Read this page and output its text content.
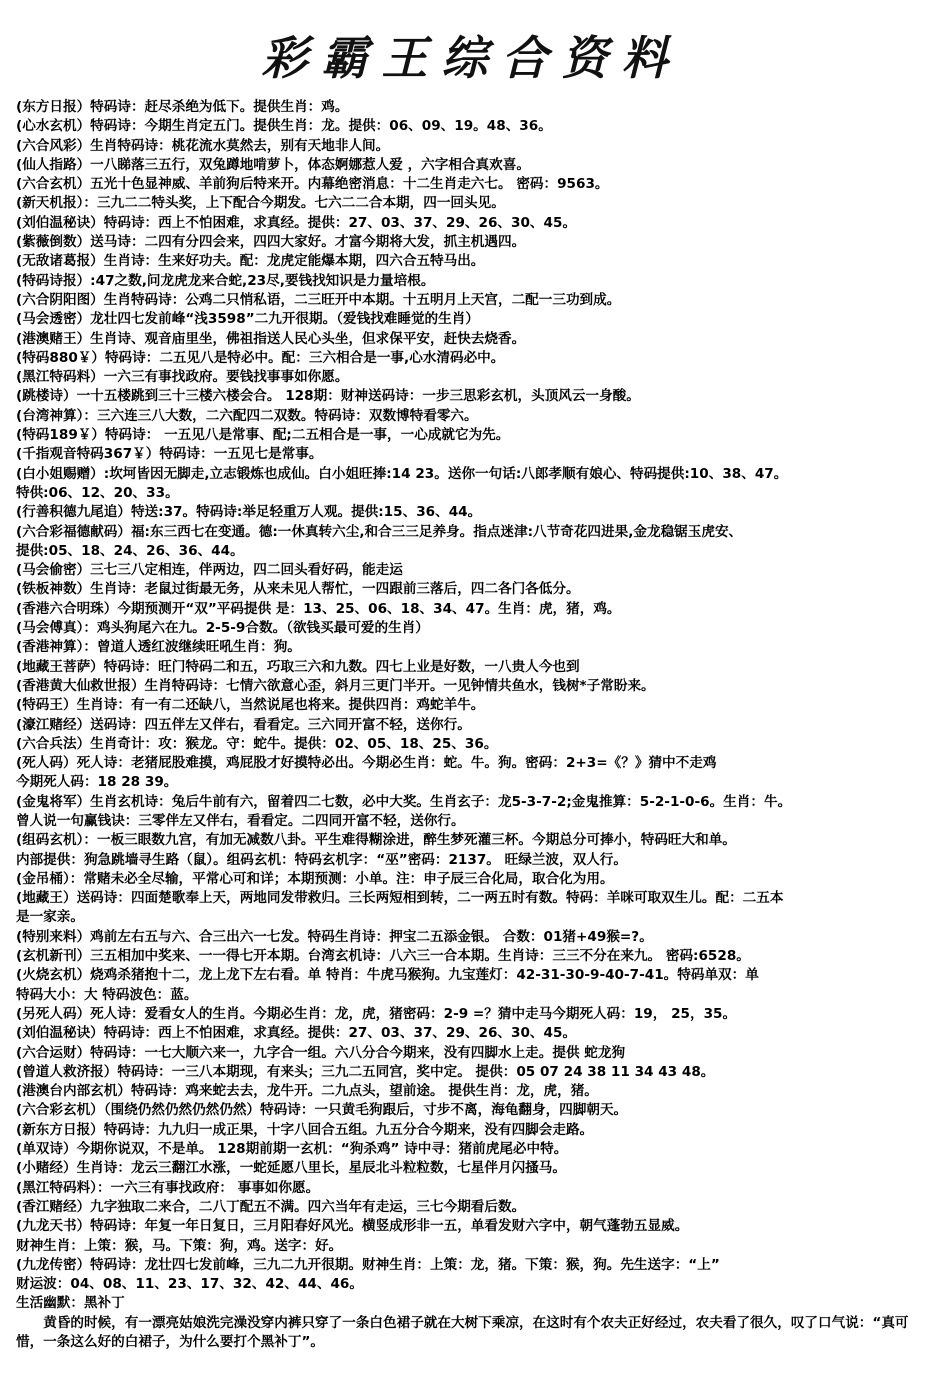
彩霸王综合资料
(东方日报）特码诗：赶尽杀绝为低下。提供生肖：鸡。
(心水玄机）特码诗：今期生肖定五门。提供生肖：龙。提供：06、09、19。48、36。
(六合风彩）生肖特码诗：桃花流水莫然去，别有天地非人间。
(仙人指路）一八睇落三五行，双兔蹲地啃萝卜，体态婀娜惹人爱 ，六字相合真欢喜。
(六合玄机）五光十色显神威、羊前狗后特来开。内幕绝密消息：十二生肖走六七。 密码：9563。
(新天机报）：三九二二特头奖，上下配合今期发。七六二二合本期，四一回头见。
(刘伯温秘诀）特码诗：西上不怕困难，求真经。提供：27、03、37、29、26、30、45。
(紫薇倒数）送马诗：二四有分四会来，四四大家好。才富今期将大发，抓主机遇四。
(无敌诸葛报）生肖诗：生来好功夫。配：龙虎定能爆本期，四六合五特马出。
(特码诗报）:47之数,问龙虎龙来合蛇,23尽,要钱找知识是力量培根。
(六合阴阳图）生肖特码诗：公鸡二只悄私语，二三旺开中本期。十五明月上天宫，二配一三功到成。
(马会透密）龙壮四七发前峰“浅3598”二九开很期。（爱钱找难睡觉的生肖）
(港澳赌王）生肖诗、观音庙里坐，佛祖指送人民心头坐，但求保平安，赶快去烧香。
(特码880￥）特码诗：二五见八是特必中。配：三六相合是一事,心水清码必中。
(黑江特码料）一六三有事找政府。要钱找事事如你愿。
(跳楼诗）一十五楼跳到三十三楼六楼会合。 128期：财神送码诗：一步三思彩玄机，头顶风云一身酸。
(台湾神算）：三六连三八大数，二六配四二双数。特码诗：双数博特看零六。
(特码189￥）特码诗： 一五见八是常事、配;二五相合是一事，一心成就它为先。
(千指观音特码367￥）特码诗：一五见七是常事。
(白小姐赐赠）:坎坷皆因无脚走,立志锻炼也成仙。白小姐旺捧:14 23。送你一句话:八郎孝顺有娘心、特码提供:10、38、47。
特供:06、12、20、33。
(行善积德九尾追）特送:37。特码诗:举足轻重万人观。提供:15、36、44。
(六合彩福德献码）福:东三西七在变通。德:一休真转六尘,和合三三足养身。指点迷津:八节奇花四进果,金龙稳锯玉虎安、
提供:05、18、24、26、36、44。
(马会偷密）三七三八定相连，伴两边，四二回头看好码，能走运
(铁板神数）生肖诗：老鼠过街最无务，从来未见人帮忙，一四跟前三落后，四二各门各低分。
(香港六合明珠）今期预测开“双”平码提供 是：13、25、06、18、34、47。生肖：虎，猪，鸡。
(马会傅真）：鸡头狗尾六在九。2-5-9合数。（欲钱买最可爱的生肖）
(香港神算）：曾道人透红波继续旺吼生肖：狗。
(地藏王菩萨）特码诗：旺门特码二和五，巧取三六和九数。四七上业是好数，一八贵人今也到
(香港黄大仙救世报）生肖特码诗：七情六欲意心歪，斜月三更门半开。一见钟情共鱼水，钱树*子常盼来。
(特码王）生肖诗：有一有二还缺八，当然说尾也将来。提供四肖：鸡蛇羊牛。
(濠江赌经）送码诗：四五伴左又伴右，看看定。三六同开富不轻，送你行。
(六合兵法）生肖奇计：攻：猴龙。守：蛇牛。提供：02、05、18、25、36。
(死人码）死人诗：老猪屁股难摸，鸡屁股才好摸特必出。今期必生肖：蛇。牛。狗。密码：2+3=《？》猜中不走鸡
今期死人码：18 28 39。
(金鬼将军）生肖玄机诗：兔后牛前有六，留着四二七数，必中大奖。生肖玄子：龙5-3-7-2;金鬼推算：5-2-1-0-6。生肖：牛。
曾人说一句赢钱诀：三零伴左又伴右，看看定。二四同开富不轻，送你行。
(组码玄机）：一板三眼数九宫，有加无减数八卦。平生难得糊涂进，醉生梦死灌三杯。今期总分可捧小，特码旺大和单。
内部提供：狗急跳墙寻生路（鼠）。组码玄机：特码玄机字：“巫”密码：2137。 旺绿兰波，双人行。
(金吊桶）：常赌未必全尽输，平常心可和详；本期预测：小单。注：申子辰三合化局，取合化为用。
(地藏王）送码诗：四面楚歌奉上天，两地同发带救归。三长两短相到转，二一两五时有数。特码：羊咪可取双生儿。配：二五本
是一家亲。
(特别来料）鸡前左右五与六、合三出六一七发。特码生肖诗：押宝二五添金银。 合数：01猪+49猴=?。
(玄机新刊）三五相加中奖来、一一得七开本期。台湾玄机诗：八六三一合本期。生肖诗：三三不分在来九。 密码:6528。
(火烧玄机）烧鸡杀猪抱十二，龙上龙下左右看。单 特肖：牛虎马猴狗。九宝莲灯：42-31-30-9-40-7-41。特码单双：单
特码大小：大 特码波色：蓝。
(另死人码）死人诗：爱看女人的生肖。今期必生肖：龙，虎，猪密码：2-9 =？猜中走马今期死人码：19， 25，35。
(刘伯温秘诀）特码诗：西上不怕困难，求真经。提供：27、03、37、29、26、30、45。
(六合运财）特码诗：一七大顺六来一，九字合一组。六八分合今期来，没有四脚水上走。提供 蛇龙狗
(曾道人救济报）特码诗：一三八本期现，有来头；三九二五同宫，奖中定。 提供：05 07 24 38 11 34 43 48。
(港澳台内部玄机）特码诗：鸡来蛇去去，龙牛开。二九点头，望前途。 提供生肖：龙，虎，猪。
(六合彩玄机）（围绕仍然仍然仍然仍然）特码诗：一只黄毛狗跟后，寸步不离，海龟翻身，四脚朝天。
(新东方日报）特码诗：九九归一成正果，十字八回合五组。九五分合今期来，没有四脚会走路。
(单双诗）今期你说双，不是单。 128期前期一玄机：“狗杀鸡” 诗中寻：猪前虎尾必中特。
(小赌经）生肖诗：龙云三翻江水涨，一蛇延愿八里长，星辰北斗粒粒数，七星伴月闪搔马。
(黑江特码料）：一六三有事找政府： 事事如你愿。
(香江赌经）九字独取二来合，二八丁配五不满。四六当年有走运，三七今期看后数。
(九龙天书）特码诗：年复一年日复日，三月阳春好风光。横竖成形非一五，单看发财六字中，朝气蓬勃五显威。
财神生肖：上策：猴，马。下策：狗，鸡。送字：好。
(九龙传密）特码诗：龙壮四七发前峰，三九二九开很期。财神生肖：上策：龙，猪。下策：猴，狗。先生送字：“上”
财运波：04、08、11、23、17、32、42、44、46。
生活幽默：黑补丁
黄昏的时候，有一漂亮姑娘洗完澡没穿内裤只穿了一条白色裙子就在大树下乘凉，在这时有个农夫正好经过，农夫看了很久，叹了口气说：“真可惜，一条这么好的白裙子，为什么要打个黑补丁”。
